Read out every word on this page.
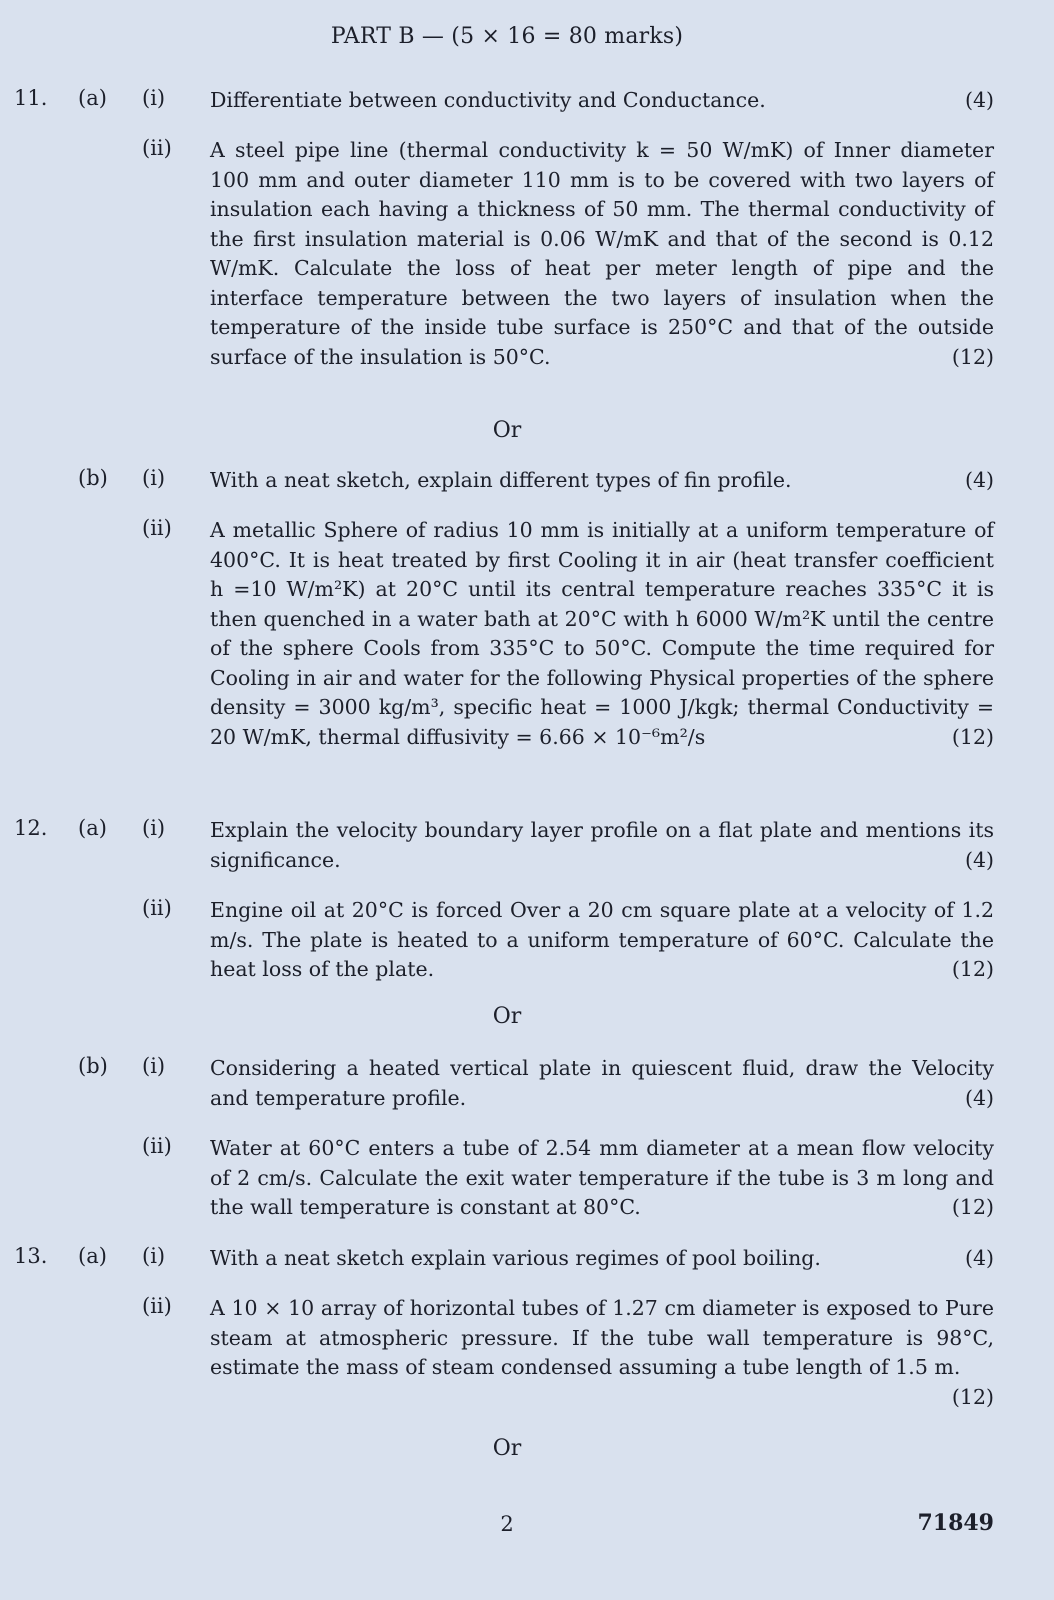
PART B — (5 × 16 = 80 marks)
11. (a) (i)	(4)
Differentiate between conductivity and Conductance.
(ii) A steel pipe line (thermal conductivity k = 50 W/mK) of Inner diameter 100 mm and outer diameter 110 mm is to be covered with two layers of insulation each having a thickness of 50 mm. The thermal conductivity of the first insulation material is 0.06 W/mK and that of the second is 0.12 W/mK. Calculate the loss of heat per meter length of pipe and the interface temperature between the two layers of insulation when the temperature of the inside tube surface is 250°C and that of the outside surface of the insulation is 50°C.	(12)
Or
(b) (i)	(4)
With a neat sketch, explain different types of fin profile.
(ii) A metallic Sphere of radius 10 mm is initially at a uniform temperature of 400°C. It is heat treated by first Cooling it in air (heat transfer coefficient h =10 W/m²K) at 20°C until its central temperature reaches 335°C it is then quenched in a water bath at 20°C with h 6000 W/m²K until the centre of the sphere Cools from 335°C to 50°C. Compute the time required for Cooling in air and water for the following Physical properties of the sphere density = 3000 kg/m³, specific heat = 1000 J/kgk; thermal Conductivity = 20 W/mK, thermal diffusivity = 6.66 × 10⁻⁶m²/s	(12)
12. (a) (i) Explain the velocity boundary layer profile on a flat plate and mentions its significance.	(4)
(ii) Engine oil at 20°C is forced Over a 20 cm square plate at a velocity of 1.2 m/s. The plate is heated to a uniform temperature of 60°C. Calculate the heat loss of the plate.	(12)
Or
(b) (i) Considering a heated vertical plate in quiescent fluid, draw the Velocity and temperature profile.	(4)
(ii) Water at 60°C enters a tube of 2.54 mm diameter at a mean flow velocity of 2 cm/s. Calculate the exit water temperature if the tube is 3 m long and the wall temperature is constant at 80°C.	(12)
13. (a) (i)	(4)
With a neat sketch explain various regimes of pool boiling.
(ii) A 10 × 10 array of horizontal tubes of 1.27 cm diameter is exposed to Pure steam at atmospheric pressure. If the tube wall temperature is 98°C, estimate the mass of steam condensed assuming a tube length of 1.5 m.
(12)
Or
2	71849
